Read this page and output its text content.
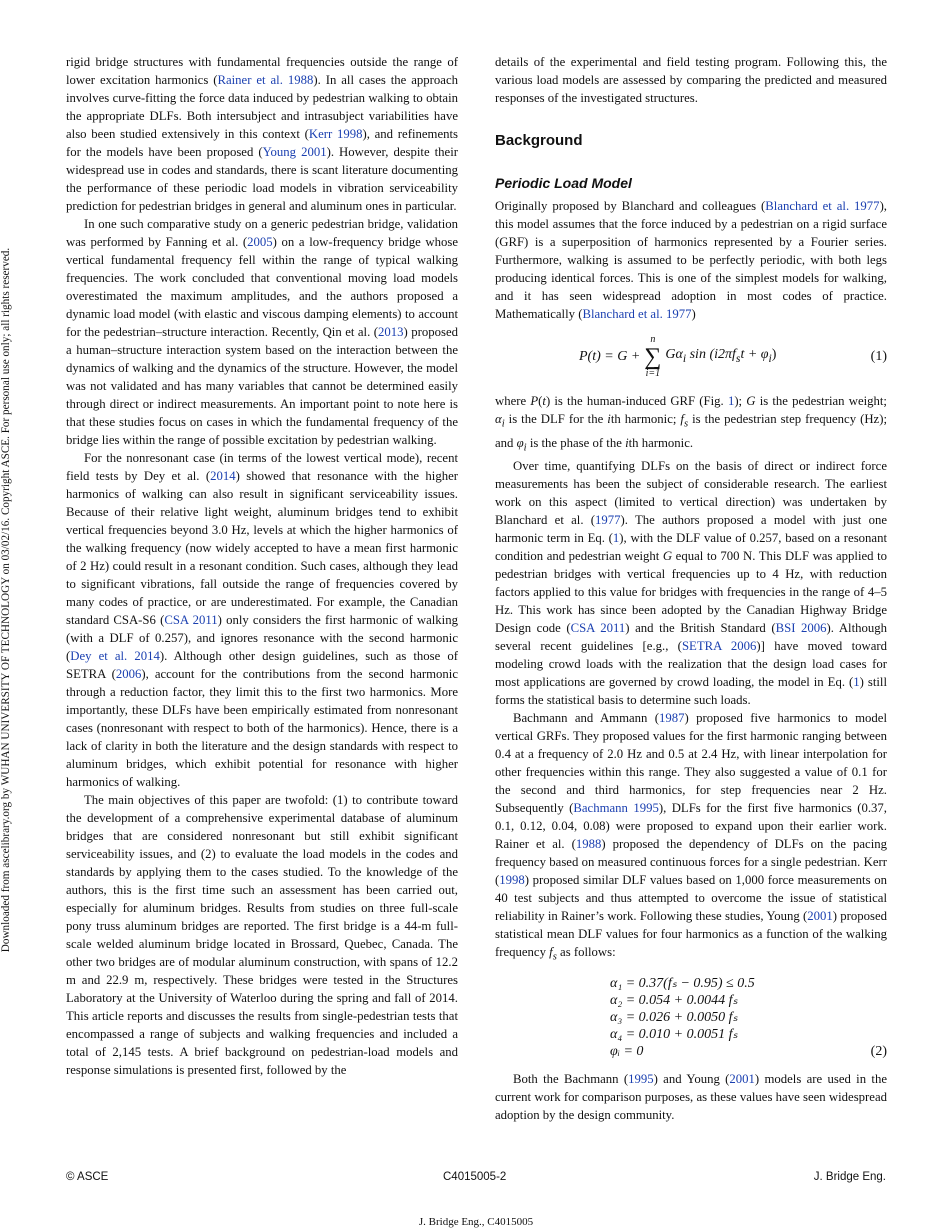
Downloaded from ascelibrary.org by WUHAN UNIVERSITY OF TECHNOLOGY on 03/02/16. Copyright ASCE. For personal use only; all rights reserved.

rigid bridge structures with fundamental frequencies outside the range of lower excitation harmonics (Rainer et al. 1988). In all cases the approach involves curve-fitting the force data induced by pedestrian walking to obtain the appropriate DLFs. Both intersubject and intrasubject variabilities have also been studied extensively in this context (Kerr 1998), and refinements for the models have been proposed (Young 2001). However, despite their widespread use in codes and standards, there is scant literature documenting the performance of these periodic load models in vibration serviceability prediction for pedestrian bridges in general and aluminum ones in particular.

In one such comparative study on a generic pedestrian bridge, validation was performed by Fanning et al. (2005) on a low-frequency bridge whose vertical fundamental frequency fell within the range of typical walking frequencies. The work concluded that conventional moving load models overestimated the maximum amplitudes, and the authors proposed a dynamic load model (with elastic and viscous damping elements) to account for the pedestrian–structure interaction. Recently, Qin et al. (2013) proposed a human–structure interaction system based on the interaction between the dynamics of walking and the dynamics of the structure. However, the model was not validated and has many variables that cannot be determined easily through direct or indirect measurements. An important point to note here is that these studies focus on cases in which the fundamental frequency of the bridge lies within the range of possible excitation by pedestrian walking.

For the nonresonant case (in terms of the lowest vertical mode), recent field tests by Dey et al. (2014) showed that resonance with the higher harmonics of walking can also result in significant serviceability issues. Because of their relative light weight, aluminum bridges tend to exhibit vertical frequencies beyond 3.0 Hz, levels at which the higher harmonics of the walking frequency (now widely accepted to have a mean first harmonic of 2 Hz) could result in a resonant condition. Such cases, although they lead to significant vibrations, fall outside the range of frequencies covered by many codes of practice, or are underestimated. For example, the Canadian standard CSA-S6 (CSA 2011) only considers the first harmonic of walking (with a DLF of 0.257), and ignores resonance with the second harmonic (Dey et al. 2014). Although other design guidelines, such as those of SETRA (2006), account for the contributions from the second harmonic through a reduction factor, they limit this to the first two harmonics. More importantly, these DLFs have been empirically estimated from nonresonant cases (nonresonant with respect to both of the harmonics). Hence, there is a lack of clarity in both the literature and the design standards with respect to aluminum bridges, which exhibit potential for resonance with higher harmonics of walking.

The main objectives of this paper are twofold: (1) to contribute toward the development of a comprehensive experimental database of aluminum bridges that are considered nonresonant but still exhibit significant serviceability issues, and (2) to evaluate the load models in the codes and standards by applying them to the cases studied. To the knowledge of the authors, this is the first time such an assessment has been carried out, especially for aluminum bridges. Results from studies on three full-scale pony truss aluminum bridges are reported. The first bridge is a 44-m full-scale welded aluminum bridge located in Brossard, Quebec, Canada. The other two bridges are of modular aluminum construction, with spans of 12.2 m and 22.9 m, respectively. These bridges were tested in the Structures Laboratory at the University of Waterloo during the spring and fall of 2014. This article reports and discusses the results from single-pedestrian tests that encompassed a range of subjects and walking frequencies and included a total of 2,145 tests. A brief background on pedestrian-load models and response simulations is presented first, followed by the

details of the experimental and field testing program. Following this, the various load models are assessed by comparing the predicted and measured responses of the investigated structures.

Background
Periodic Load Model

Originally proposed by Blanchard and colleagues (Blanchard et al. 1977), this model assumes that the force induced by a pedestrian on a rigid surface (GRF) is a superposition of harmonics represented by a Fourier series. Furthermore, walking is assumed to be perfectly periodic, with both legs producing identical forces. This is one of the simplest models for walking, and it has seen widespread adoption in most codes of practice. Mathematically (Blanchard et al. 1977)

P(t) = G +
n
∑
i=1
$G\alpha_i$ $\sin (i2\pi f_st + \varphi_i)$	(1)

where P(t) is the human-induced GRF (Fig. 1); G is the pedestrian weight; $\alpha_i$ is the DLF for the ith harmonic; $f_s$ is the pedestrian step frequency (Hz); and $\varphi_i$ is the phase of the ith harmonic.

Over time, quantifying DLFs on the basis of direct or indirect force measurements has been the subject of considerable research. The earliest work on this aspect (limited to vertical direction) was undertaken by Blanchard et al. (1977). The authors proposed a model with just one harmonic term in Eq. (1), with the DLF value of 0.257, based on a resonant condition and pedestrian weight G equal to 700 N. This DLF was applied to pedestrian bridges with vertical frequencies up to 4 Hz, with reduction factors applied to this value for bridges with frequencies in the range of 4–5 Hz. This work has since been adopted by the Canadian Highway Bridge Design code (CSA 2011) and the British Standard (BSI 2006). Although several recent guidelines [e.g., (SETRA 2006)] have moved toward modeling crowd loads with the realization that the design load cases for most applications are governed by crowd loading, the model in Eq. (1) still forms the statistical basis to determine such loads.

Bachmann and Ammann (1987) proposed five harmonics to model vertical GRFs. They proposed values for the first harmonic ranging between 0.4 at a frequency of 2.0 Hz and 0.5 at 2.4 Hz, with linear interpolation for other frequencies within this range. They also suggested a value of 0.1 for the second and third harmonics, for step frequencies near 2 Hz. Subsequently (Bachmann 1995), DLFs for the first five harmonics (0.37, 0.1, 0.12, 0.04, 0.08) were proposed to expand upon their earlier work. Rainer et al. (1988) proposed the dependency of DLFs on the pacing frequency based on measured continuous forces for a single pedestrian. Kerr (1998) proposed similar DLF values based on 1,000 force measurements on 40 test subjects and thus attempted to overcome the issue of statistical reliability in Rainer’s work. Following these studies, Young (2001) proposed statistical mean DLF values for four harmonics as a function of the walking frequency $f_s$ as follows:

α₁ = 0.37(fₛ − 0.95) ≤ 0.5
α₂ = 0.054 + 0.0044 fₛ
α₃ = 0.026 + 0.0050 fₛ
α₄ = 0.010 + 0.0051 fₛ
φᵢ = 0	(2)

Both the Bachmann (1995) and Young (2001) models are used in the current work for comparison purposes, as these values have seen widespread adoption by the design community.

© ASCE	C4015005-2	J. Bridge Eng.
J. Bridge Eng., C4015005
